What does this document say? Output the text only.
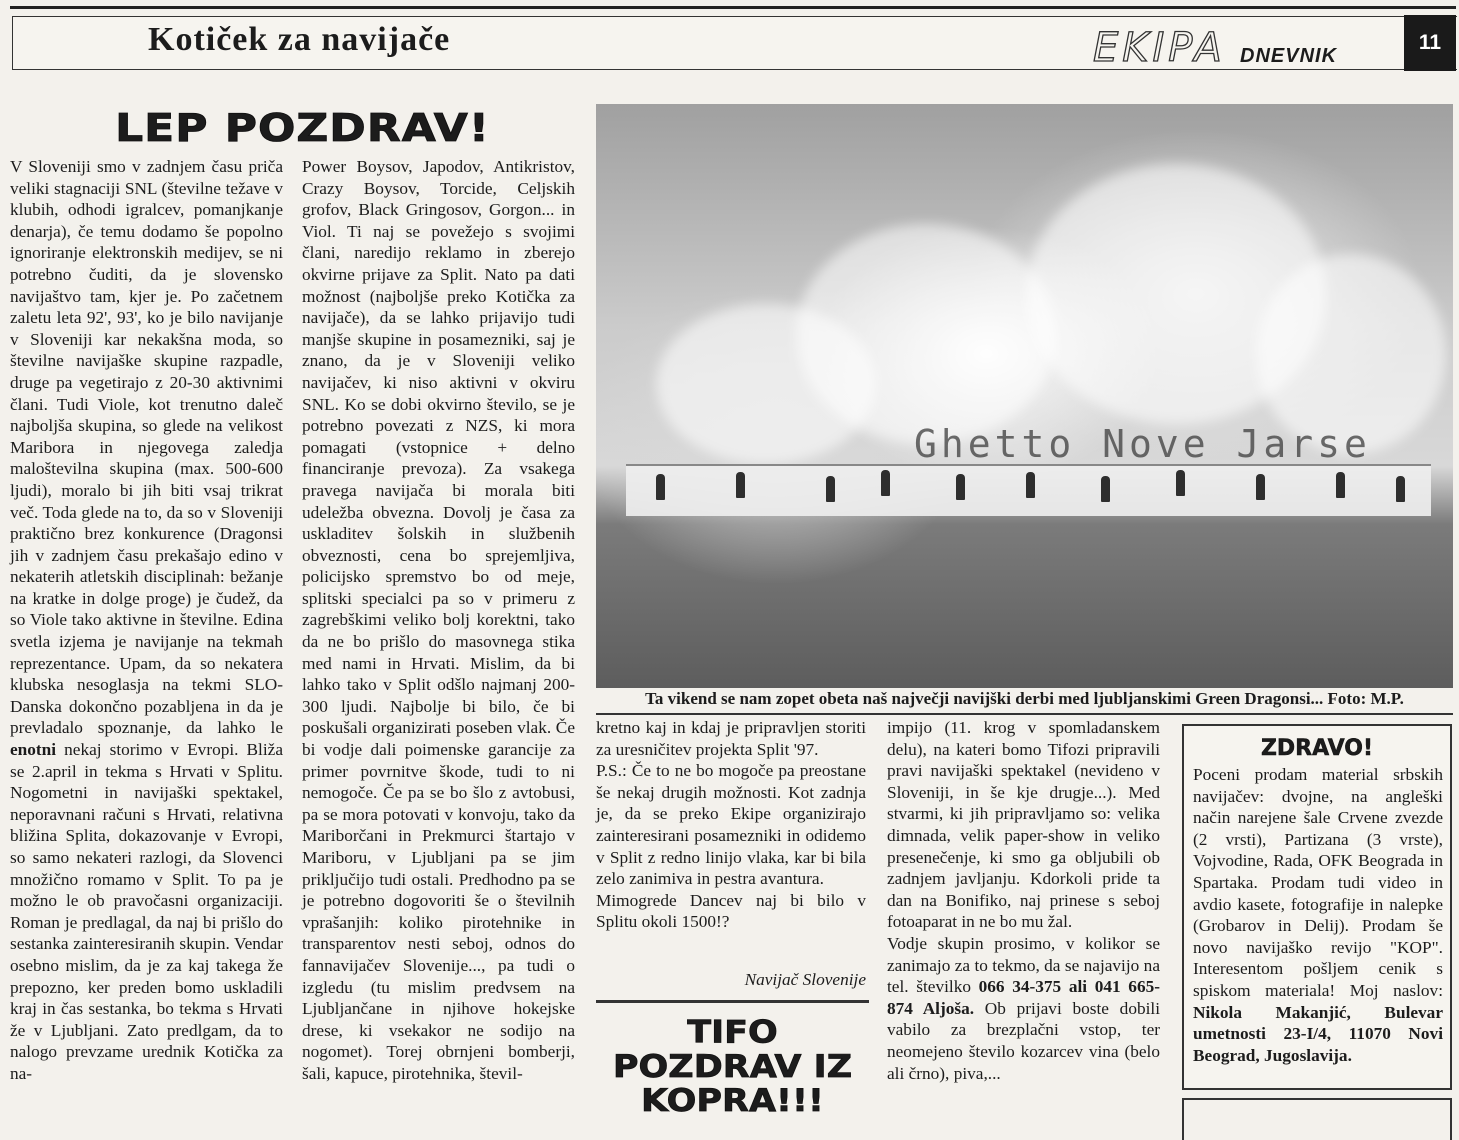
Kotiček za navijače	EKIPA DNEVNIK
11
LEP POZDRAV!

V Sloveniji smo v zadnjem času priča veliki stagnaciji SNL (številne težave v klubih, odhodi igralcev, pomanjkanje denarja), če temu dodamo še popolno ignoriranje elektronskih medijev, se ni potrebno čuditi, da je slovensko navijaštvo tam, kjer je. Po začetnem zaletu leta 92', 93', ko je bilo navijanje v Sloveniji kar nekakšna moda, so številne navijaške skupine razpadle, druge pa vegetirajo z 20-30 aktivnimi člani. Tudi Viole, kot trenutno daleč najboljša skupina, so glede na velikost Maribora in njegovega zaledja maloštevilna skupina (max. 500-600 ljudi), moralo bi jih biti vsaj trikrat več. Toda glede na to, da so v Sloveniji praktično brez konkurence (Dragonsi jih v zadnjem času prekašajo edino v nekaterih atletskih disciplinah: bežanje na kratke in dolge proge) je čudež, da so Viole tako aktivne in številne. Edina svetla izjema je navijanje na tekmah reprezentance. Upam, da so nekatera klubska nesoglasja na tekmi SLO-Danska dokončno pozabljena in da je prevladalo spoznanje, da lahko le enotni nekaj storimo v Evropi. Bliža se 2.april in tekma s Hrvati v Splitu. Nogometni in navijaški spektakel, neporavnani računi s Hrvati, relativna bližina Splita, dokazovanje v Evropi, so samo nekateri razlogi, da Slovenci množično romamo v Split. To pa je možno le ob pravočasni organizaciji. Roman je predlagal, da naj bi prišlo do sestanka zainteresiranih skupin. Vendar osebno mislim, da je za kaj takega že prepozno, ker preden bomo uskladili kraj in čas sestanka, bo tekma s Hrvati že v Ljubljani. Zato predlgam, da to nalogo prevzame urednik Kotička za na-

Power Boysov, Japodov, Antikristov, Crazy Boysov, Torcide, Celjskih grofov, Black Gringosov, Gorgon... in Viol. Ti naj se povežejo s svojimi člani, naredijo reklamo in zberejo okvirne prijave za Split. Nato pa dati možnost (najboljše preko Kotička za navijače), da se lahko prijavijo tudi manjše skupine in posamezniki, saj je znano, da je v Sloveniji veliko navijačev, ki niso aktivni v okviru SNL. Ko se dobi okvirno število, se je potrebno povezati z NZS, ki mora pomagati (vstopnice + delno financiranje prevoza). Za vsakega pravega navijača bi morala biti udeležba obvezna. Dovolj je časa za uskladitev šolskih in službenih obveznosti, cena bo sprejemljiva, policijsko spremstvo bo od meje, splitski specialci pa so v primeru z zagrebškimi veliko bolj korektni, tako da ne bo prišlo do masovnega stika med nami in Hrvati. Mislim, da bi lahko tako v Split odšlo najmanj 200-300 ljudi. Najbolje bi bilo, če bi poskušali organizirati poseben vlak. Če bi vodje dali poimenske garancije za primer povrnitve škode, tudi to ni nemogoče. Če pa se bo šlo z avtobusi, pa se mora potovati v konvoju, tako da Mariborčani in Prekmurci štartajo v Mariboru, v Ljubljani pa se jim priključijo tudi ostali. Predhodno pa se je potrebno dogovoriti še o številnih vprašanjih: koliko pirotehnike in transparentov nesti seboj, odnos do fannavijačev Slovenije..., pa tudi o izgledu (tu mislim predvsem na Ljubljančane in njihove hokejske drese, ki vsekakor ne sodijo na nogomet). Torej obrnjeni bomberji, šali, kapuce, pirotehnika, števil-

Ghetto Nove Jarse
Ta vikend se nam zopet obeta naš največji navijški derbi med ljubljanskimi Green Dragonsi... Foto: M.P.
kretno kaj in kdaj je pripravljen storiti za uresničitev projekta Split '97.
P.S.: Če to ne bo mogoče pa preostane še nekaj drugih možnosti. Kot zadnja je, da se preko Ekipe organizirajo zainteresirani posamezniki in odidemo v Split z redno linijo vlaka, kar bi bila zelo zanimiva in pestra avantura.
Mimogrede Dancev naj bi bilo v Splitu okoli 1500!?
Navijač Slovenije
TIFO POZDRAV IZ KOPRA!!!
impijo (11. krog v spomladanskem delu), na kateri bomo Tifozi pripravili pravi navijaški spektakel (nevideno v Sloveniji, in še kje drugje...). Med stvarmi, ki jih pripravljamo so: velika dimnada, velik paper-show in veliko presenečenje, ki smo ga obljubili ob zadnjem javljanju. Kdorkoli pride ta dan na Bonifiko, naj prinese s seboj fotoaparat in ne bo mu žal.
Vodje skupin prosimo, v kolikor se zanimajo za to tekmo, da se najavijo na tel. številko 066 34-375 ali 041 665-874 Aljoša. Ob prijavi boste dobili vabilo za brezplačni vstop, ter neomejeno število kozarcev vina (belo ali črno), piva,...
ZDRAVO!

Poceni prodam material srbskih navijačev: dvojne, na angleški način narejene šale Crvene zvezde (2 vrsti), Partizana (3 vrste), Vojvodine, Rada, OFK Beograda in Spartaka. Prodam tudi video in avdio kasete, fotografije in nalepke (Grobarov in Delij). Prodam še novo navijaško revijo "KOP". Interesentom pošljem cenik s spiskom materiala! Moj naslov: Nikola Makanjić, Bulevar umetnosti 23-I/4, 11070 Novi Beograd, Jugoslavija.
